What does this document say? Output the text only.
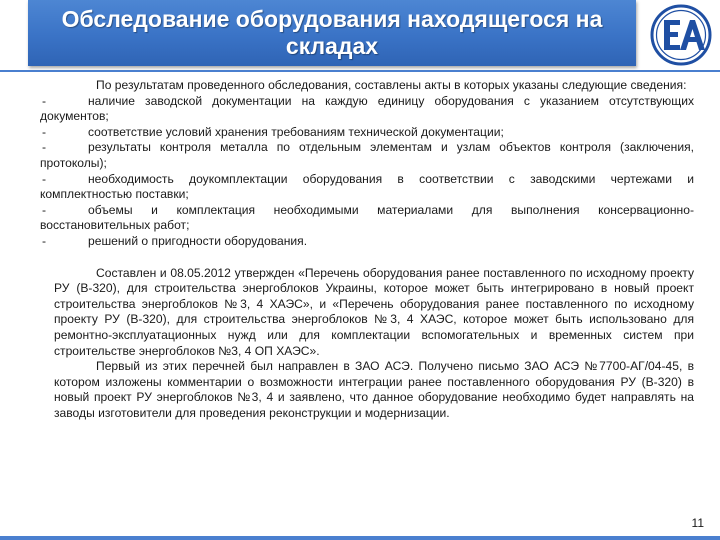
Обследование оборудования находящегося на складах

По результатам проведенного обследования, составлены акты в которых указаны следующие сведения:

-	наличие заводской документации на каждую единицу оборудования с указанием отсутствующих документов;
-	соответствие условий хранения требованиям технической документации;
-	результаты контроля металла по отдельным элементам и узлам объектов контроля (заключения, протоколы);
-	необходимость доукомплектации оборудования в соответствии с заводскими чертежами и комплектностью поставки;
-	объемы и комплектация необходимыми материалами для выполнения консервационно-восстановительных работ;
-	решений о пригодности оборудования.

Составлен и 08.05.2012 утвержден «Перечень оборудования ранее поставленного по исходному проекту РУ (В-320), для строительства энергоблоков Украины, которое может быть интегрировано в новый проект строительства энергоблоков №3, 4 ХАЭС», и «Перечень оборудования ранее поставленного по исходному проекту РУ (В-320), для строительства энергоблоков №3, 4 ХАЭС, которое может быть использовано для ремонтно-эксплуатационных нужд или для комплектации вспомогательных и временных систем при строительстве энергоблоков №3, 4 ОП ХАЭС».

Первый из этих перечней был направлен в ЗАО АСЭ. Получено письмо ЗАО АСЭ №7700-АГ/04-45, в котором изложены комментарии о возможности интеграции ранее поставленного оборудования РУ (В-320) в новый проект РУ энергоблоков №3, 4 и заявлено, что данное оборудование необходимо будет направлять на заводы изготовители для проведения реконструкции и модернизации.

11
